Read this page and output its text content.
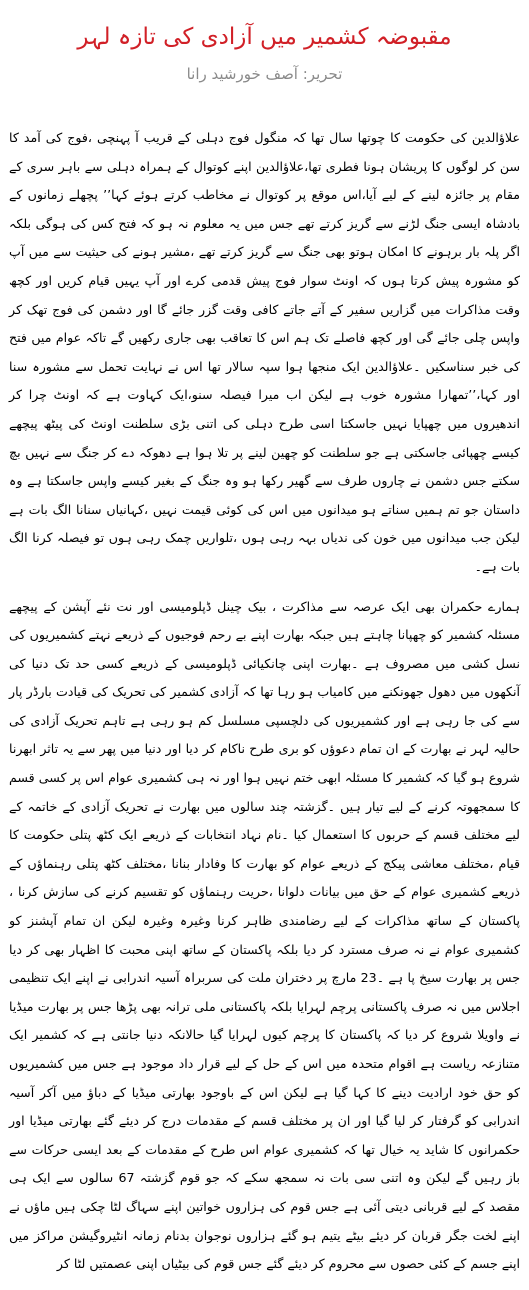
مقبوضہ کشمیر میں آزادی کی تازہ لہر
تحریر: آصف خورشید رانا

علاؤالدین کی حکومت کا چوتھا سال تھا کہ منگول فوج دہلی کے قریب آ پہنچی ،فوج کی آمد کا سن کر لوگوں کا پریشان ہونا فطری تھا،علاؤالدین اپنے کوتوال کے ہمراہ دہلی سے باہر سری کے مقام پر جائزہ لینے کے لیے آیا،اس موقع پر کوتوال نے مخاطب کرتے ہوئے کہا’’ پچھلے زمانوں کے بادشاہ ایسی جنگ لڑنے سے گریز کرتے تھے جس میں یہ معلوم نہ ہو کہ فتح کس کی ہوگی بلکہ اگر پلہ بار برہونے کا امکان ہوتو بھی جنگ سے گریز کرتے تھے ،مشیر ہونے کی حیثیت سے میں آپ کو مشورہ پیش کرتا ہوں کہ اونٹ سوار فوج پیش قدمی کرے اور آپ یہیں قیام کریں اور کچھ وقت مذاکرات میں گزاریں سفیر کے آتے جاتے کافی وقت گزر جائے گا اور دشمن کی فوج تھک کر واپس چلی جائے گی اور کچھ فاصلے تک ہم اس کا تعاقب بھی جاری رکھیں گے تاکہ عوام میں فتح کی خبر سناسکیں ۔علاؤالدین ایک منجھا ہوا سپہ سالار تھا اس نے نہایت تحمل سے مشورہ سنا اور کہا،’’تمھارا مشورہ خوب ہے لیکن اب میرا فیصلہ سنو،ایک کہاوت ہے کہ اونٹ چرا کر اندھیروں میں چھپایا نہیں جاسکتا اسی طرح دہلی کی اتنی بڑی سلطنت اونٹ کی پیٹھ پیچھے کیسے چھپائی جاسکتی ہے جو سلطنت کو چھین لینے پر تلا ہوا ہے دھوکہ دے کر جنگ سے نہیں بچ سکتے جس دشمن نے چاروں طرف سے گھیر رکھا ہو وہ جنگ کے بغیر کیسے واپس جاسکتا ہے وہ داستان جو تم ہمیں سناتے ہو میدانوں میں اس کی کوئی قیمت نہیں ،کہانیاں سنانا الگ بات ہے لیکن جب میدانوں میں خون کی ندیاں بہہ رہی ہوں ،تلواریں چمک رہی ہوں تو فیصلہ کرنا الگ بات ہے۔

ہمارے حکمران بھی ایک عرصہ سے مذاکرت ، بیک چینل ڈپلومیسی اور نت نئے آپشن کے پیچھے مسئلہ کشمیر کو چھپانا چاہتے ہیں جبکہ بھارت اپنے بے رحم فوجیوں کے ذریعے نہتے کشمیریوں کی نسل کشی میں مصروف ہے ۔بھارت اپنی چانکیائی ڈپلومیسی کے ذریعے کسی حد تک دنیا کی آنکھوں میں دھول جھونکنے میں کامیاب ہو رہا تھا کہ آزادی کشمیر کی تحریک کی قیادت بارڈر پار سے کی جا رہی ہے اور کشمیریوں کی دلچسپی مسلسل کم ہو رہی ہے تاہم تحریک آزادی کی حالیہ لہر نے بھارت کے ان تمام دعوؤں کو بری طرح ناکام کر دیا اور دنیا میں پھر سے یہ تاثر ابھرنا شروع ہو گیا کہ کشمیر کا مسئلہ ابھی ختم نہیں ہوا اور نہ ہی کشمیری عوام اس پر کسی قسم کا سمجھوتہ کرنے کے لیے تیار ہیں ۔گزشتہ چند سالوں میں بھارت نے تحریک آزادی کے خاتمہ کے لیے مختلف قسم کے حربوں کا استعمال کیا ۔نام نہاد انتخابات کے ذریعے ایک کٹھ پتلی حکومت کا قیام ،مختلف معاشی پیکج کے ذریعے عوام کو بھارت کا وفادار بنانا ،مختلف کٹھ پتلی رہنماؤں کے ذریعے کشمیری عوام کے حق میں بیانات دلوانا ،حریت رہنماؤں کو تقسیم کرنے کی سازش کرنا ، پاکستان کے ساتھ مذاکرات کے لیے رضامندی ظاہر کرنا وغیرہ وغیرہ لیکن ان تمام آپشنز کو کشمیری عوام نے نہ صرف مسترد کر دیا بلکہ پاکستان کے ساتھ اپنی محبت کا اظہار بھی کر دیا جس پر بھارت سیخ پا ہے ۔23 مارچ پر دختران ملت کی سربراہ آسیہ اندرابی نے اپنے ایک تنظیمی اجلاس میں نہ صرف پاکستانی پرچم لہرایا بلکہ پاکستانی ملی ترانہ بھی پڑھا جس پر بھارت میڈیا نے واویلا شروع کر دیا کہ پاکستان کا پرچم کیوں لہرایا گیا حالانکہ دنیا جانتی ہے کہ کشمیر ایک متنازعہ ریاست ہے اقوام متحدہ میں اس کے حل کے لیے قرار داد موجود ہے جس میں کشمیریوں کو حق خود ارادیت دینے کا کہا گیا ہے لیکن اس کے باوجود بھارتی میڈیا کے دباؤ میں آکر آسیہ اندرابی کو گرفتار کر لیا گیا اور ان پر مختلف قسم کے مقدمات درج کر دیئے گئے بھارتی میڈیا اور حکمرانوں کا شاید یہ خیال تھا کہ کشمیری عوام اس طرح کے مقدمات کے بعد ایسی حرکات سے باز رہیں گے لیکن وہ اتنی سی بات نہ سمجھ سکے کہ جو قوم گزشتہ 67 سالوں سے ایک ہی مقصد کے لیے قربانی دیتی آئی ہے جس قوم کی ہزاروں خواتین اپنے سہاگ لٹا چکی ہیں ماؤں نے اپنے لخت جگر قربان کر دیئے بیٹے یتیم ہو گئے ہزاروں نوجوان بدنام زمانہ انٹیروگیشن مراکز میں اپنے جسم کے کئی حصوں سے محروم کر دیئے گئے جس قوم کی بیٹیاں اپنی عصمتیں لٹا کر
